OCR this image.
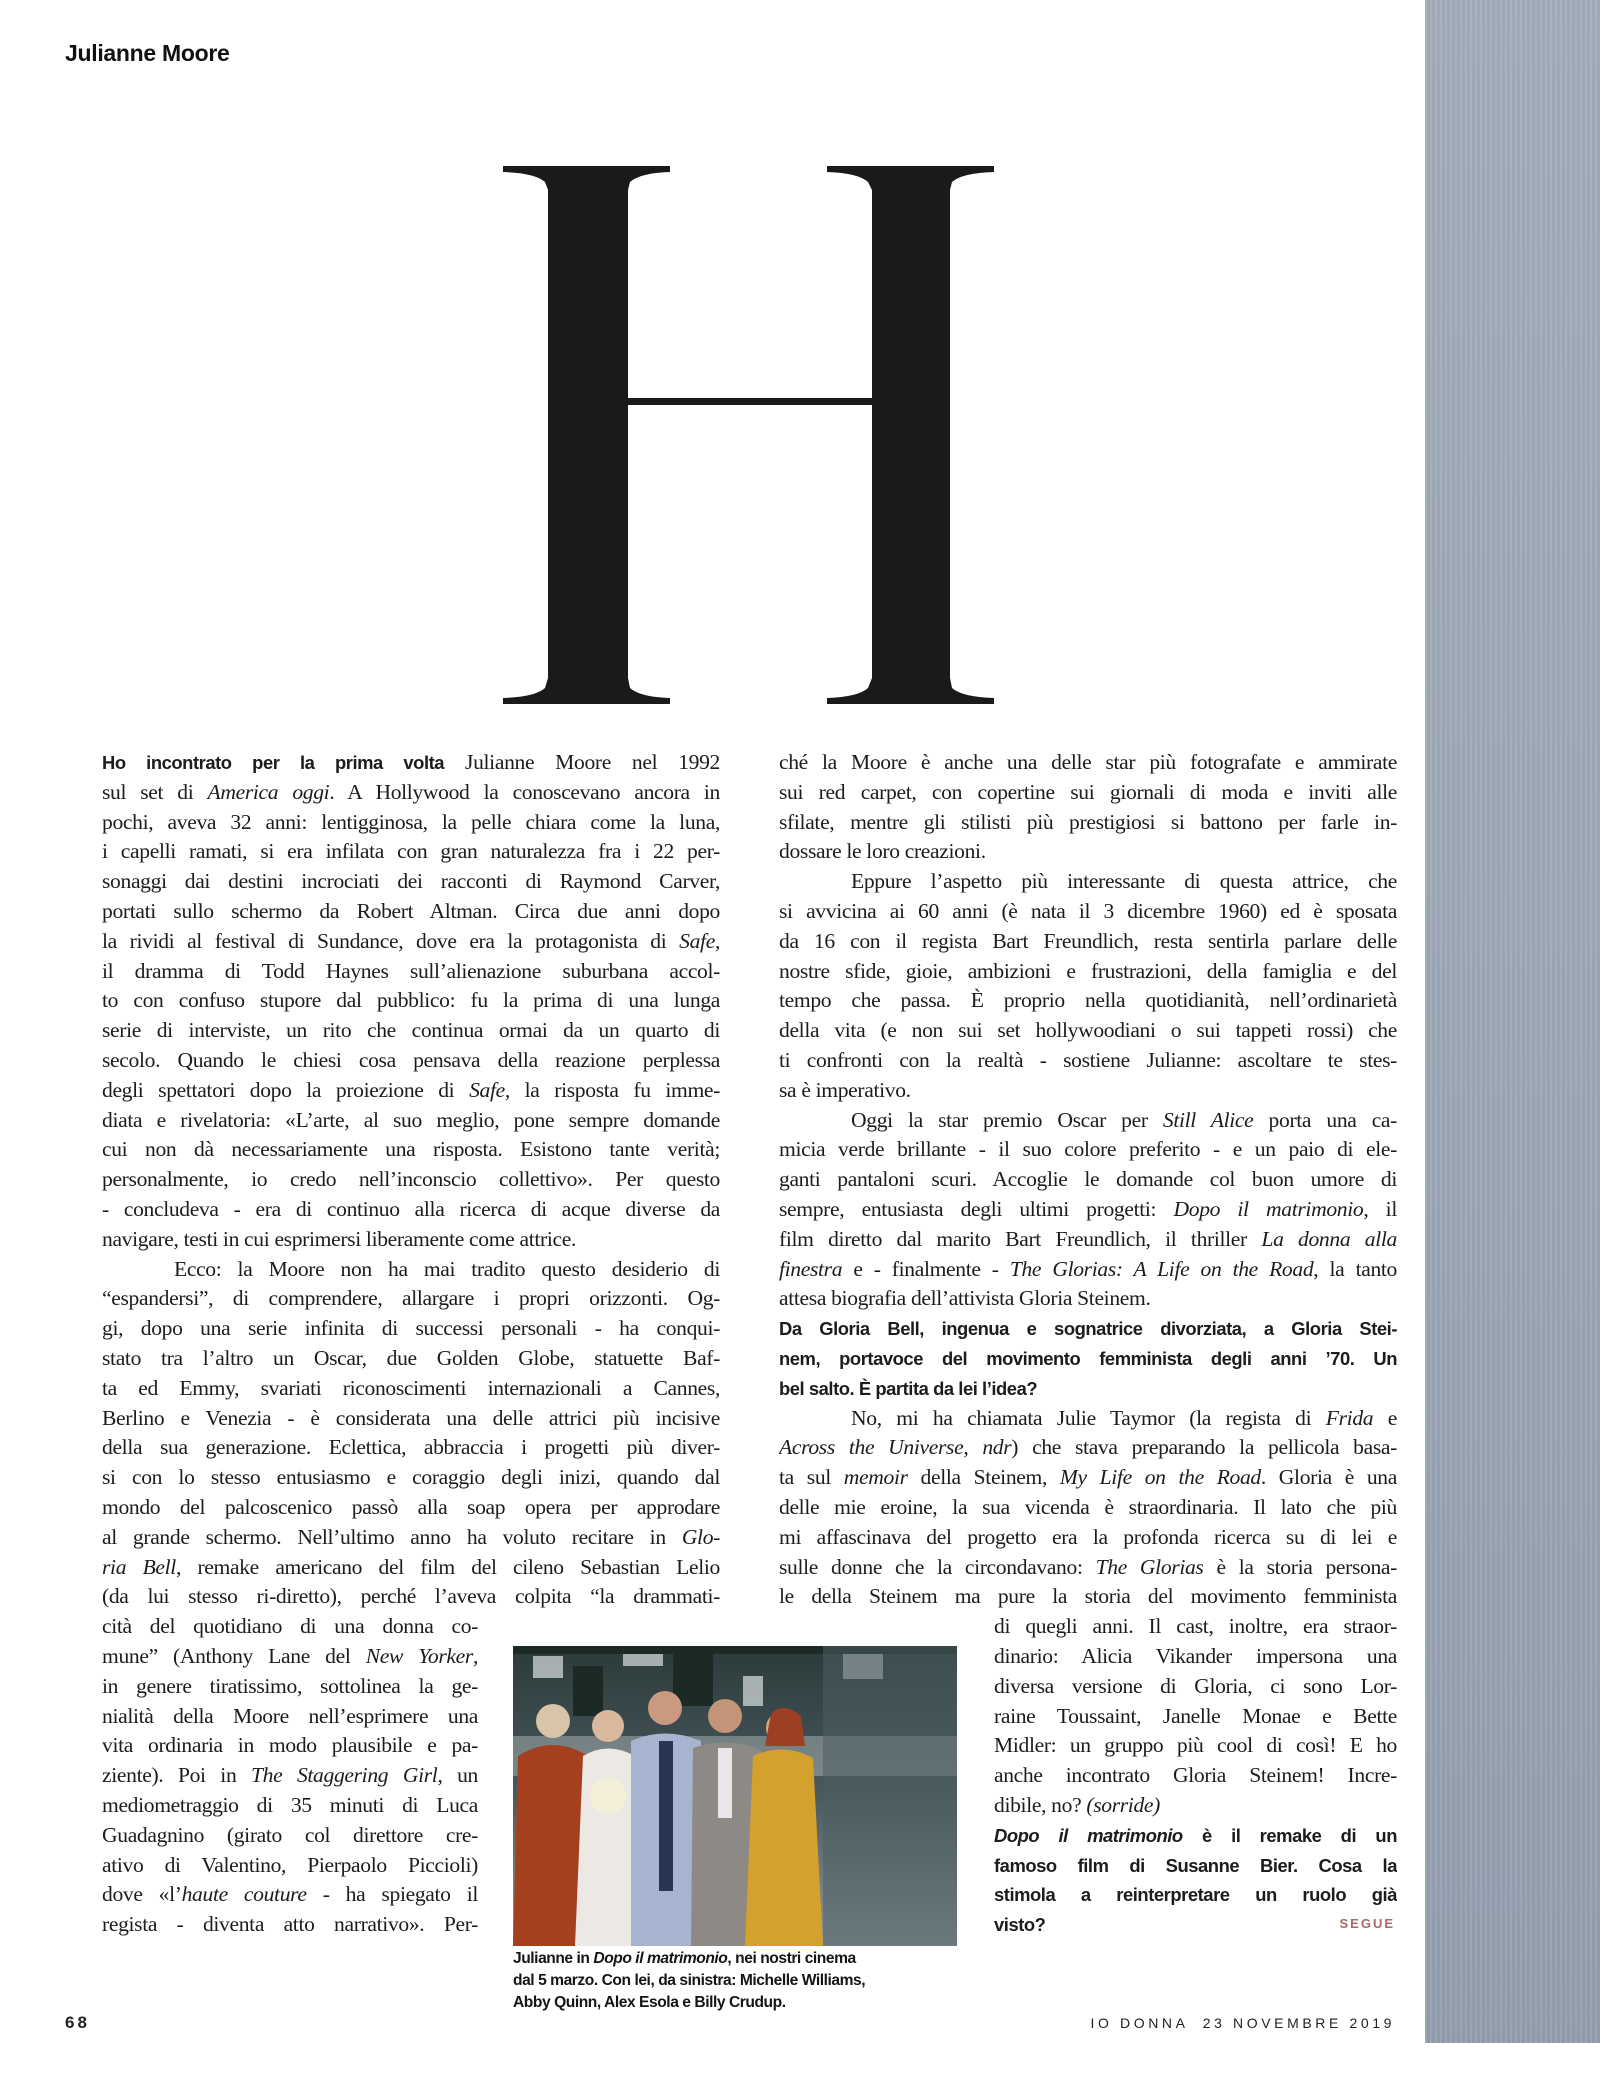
Julianne Moore
Ho incontrato per la prima volta Julianne Moore nel 1992
sul set di America oggi. A Hollywood la conoscevano ancora in
pochi, aveva 32 anni: lentigginosa, la pelle chiara come la luna,
i capelli ramati, si era infilata con gran naturalezza fra i 22 per-
sonaggi dai destini incrociati dei racconti di Raymond Carver,
portati sullo schermo da Robert Altman. Circa due anni dopo
la rividi al festival di Sundance, dove era la protagonista di Safe,
il dramma di Todd Haynes sull’alienazione suburbana accol-
to con confuso stupore dal pubblico: fu la prima di una lunga
serie di interviste, un rito che continua ormai da un quarto di
secolo. Quando le chiesi cosa pensava della reazione perplessa
degli spettatori dopo la proiezione di Safe, la risposta fu imme-
diata e rivelatoria: «L’arte, al suo meglio, pone sempre domande
cui non dà necessariamente una risposta. Esistono tante verità;
personalmente, io credo nell’inconscio collettivo». Per questo
- concludeva - era di continuo alla ricerca di acque diverse da
navigare, testi in cui esprimersi liberamente come attrice.
Ecco: la Moore non ha mai tradito questo desiderio di
“espandersi”, di comprendere, allargare i propri orizzonti. Og-
gi, dopo una serie infinita di successi personali - ha conqui-
stato tra l’altro un Oscar, due Golden Globe, statuette Baf-
ta ed Emmy, svariati riconoscimenti internazionali a Cannes,
Berlino e Venezia - è considerata una delle attrici più incisive
della sua generazione. Eclettica, abbraccia i progetti più diver-
si con lo stesso entusiasmo e coraggio degli inizi, quando dal
mondo del palcoscenico passò alla soap opera per approdare
al grande schermo. Nell’ultimo anno ha voluto recitare in Glo-
ria Bell, remake americano del film del cileno Sebastian Lelio
(da lui stesso ri-diretto), perché l’aveva colpita “la drammati-
cità del quotidiano di una donna co-
mune” (Anthony Lane del New Yorker,
in genere tiratissimo, sottolinea la ge-
nialità della Moore nell’esprimere una
vita ordinaria in modo plausibile e pa-
ziente). Poi in The Staggering Girl, un
mediometraggio di 35 minuti di Luca
Guadagnino (girato col direttore cre-
ativo di Valentino, Pierpaolo Piccioli)
dove «l’haute couture - ha spiegato il
regista - diventa atto narrativo». Per-
ché la Moore è anche una delle star più fotografate e ammirate
sui red carpet, con copertine sui giornali di moda e inviti alle
sfilate, mentre gli stilisti più prestigiosi si battono per farle in-
dossare le loro creazioni.
Eppure l’aspetto più interessante di questa attrice, che
si avvicina ai 60 anni (è nata il 3 dicembre 1960) ed è sposata
da 16 con il regista Bart Freundlich, resta sentirla parlare delle
nostre sfide, gioie, ambizioni e frustrazioni, della famiglia e del
tempo che passa. È proprio nella quotidianità, nell’ordinarietà
della vita (e non sui set hollywoodiani o sui tappeti rossi) che
ti confronti con la realtà - sostiene Julianne: ascoltare te stes-
sa è imperativo.
Oggi la star premio Oscar per Still Alice porta una ca-
micia verde brillante - il suo colore preferito - e un paio di ele-
ganti pantaloni scuri. Accoglie le domande col buon umore di
sempre, entusiasta degli ultimi progetti: Dopo il matrimonio, il
film diretto dal marito Bart Freundlich, il thriller La donna alla
finestra e - finalmente - The Glorias: A Life on the Road, la tanto
attesa biografia dell’attivista Gloria Steinem.
Da Gloria Bell, ingenua e sognatrice divorziata, a Gloria Stei-
nem, portavoce del movimento femminista degli anni ’70. Un
bel salto. È partita da lei l’idea?
No, mi ha chiamata Julie Taymor (la regista di Frida e
Across the Universe, ndr) che stava preparando la pellicola basa-
ta sul memoir della Steinem, My Life on the Road. Gloria è una
delle mie eroine, la sua vicenda è straordinaria. Il lato che più
mi affascinava del progetto era la profonda ricerca su di lei e
sulle donne che la circondavano: The Glorias è la storia persona-
le della Steinem ma pure la storia del movimento femminista
di quegli anni. Il cast, inoltre, era straor-
dinario: Alicia Vikander impersona una
diversa versione di Gloria, ci sono Lor-
raine Toussaint, Janelle Monae e Bette
Midler: un gruppo più cool di così! E ho
anche incontrato Gloria Steinem! Incre-
dibile, no? (sorride)
Dopo il matrimonio è il remake di un
famoso film di Susanne Bier. Cosa la
stimola a reinterpretare un ruolo già
visto?	SEGUE
Julianne in Dopo il matrimonio, nei nostri cinema
dal 5 marzo. Con lei, da sinistra: Michelle Williams,
Abby Quinn, Alex Esola e Billy Crudup.
68	IO DONNA  23 NOVEMBRE 2019
